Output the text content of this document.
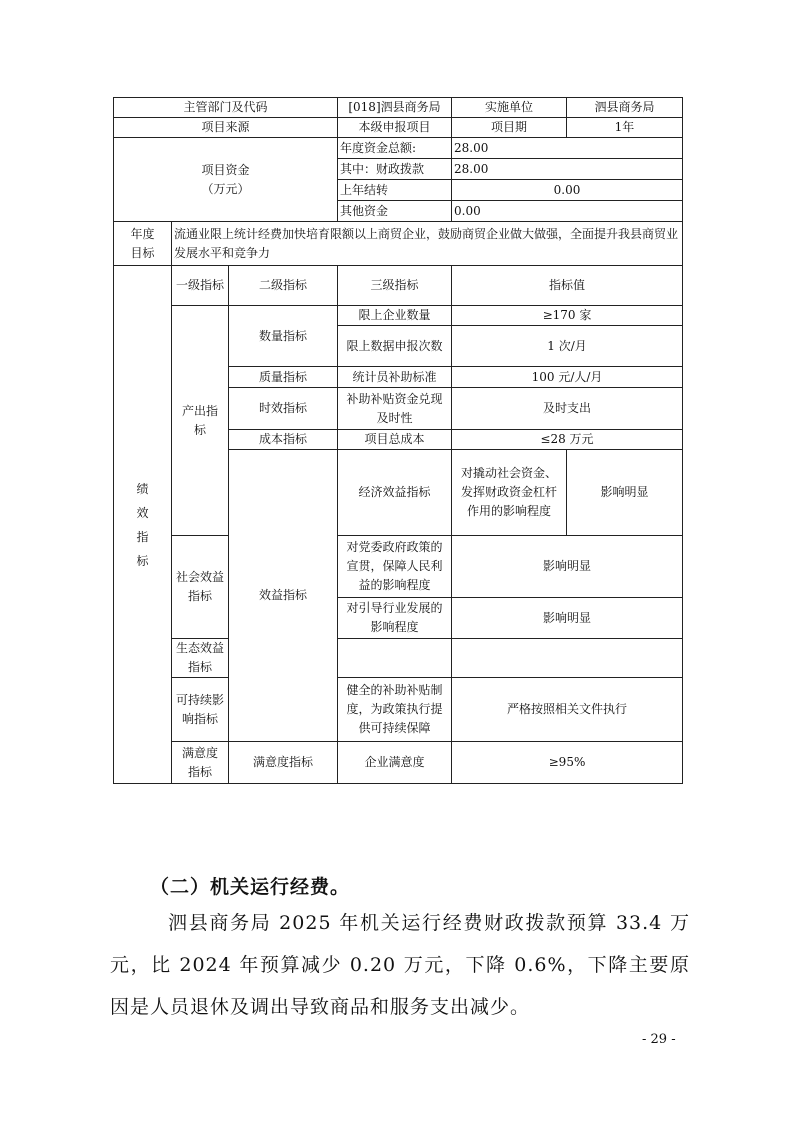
主管部门及代码			[018]泗县商务局	实施单位	泗县商务局
项目来源			本级申报项目	项目期	1年

项目资金
（万元）			年度资金总额:	28.00	
			其中：财政拨款	28.00	
			上年结转	0.00	
			其他资金	0.00	

年度
目标	流通业限上统计经费加快培育限额以上商贸企业，鼓励商贸企业做大做强，全面提升我县商贸业发展水平和竞争力				
绩效指标	一级指标	二级指标	三级指标	指标值	
	产出指标	数量指标	限上企业数量	≥170 家	
			限上数据申报次数	1 次/月	
		质量指标	统计员补助标准	100 元/人/月	
		时效指标	补助补贴资金兑现及时性	及时支出	
		成本指标	项目总成本	≤28 万元	
		效益指标	经济效益指标	对撬动社会资金、发挥财政资金杠杆作用的影响程度	影响明显
	社会效益指标		对党委政府政策的宣贯，保障人民利益的影响程度	影响明显	
			对引导行业发展的影响程度	影响明显	
	生态效益指标				
	可持续影响指标		健全的补助补贴制度，为政策执行提供可持续保障	严格按照相关文件执行	
	满意度指标	满意度指标	企业满意度	≥95%	
（二）机关运行经费。
泗县商务局 2025 年机关运行经费财政拨款预算 33.4 万元，比 2024 年预算减少 0.20 万元，下降 0.6%，下降主要原因是人员退休及调出导致商品和服务支出减少。
- 29 -
